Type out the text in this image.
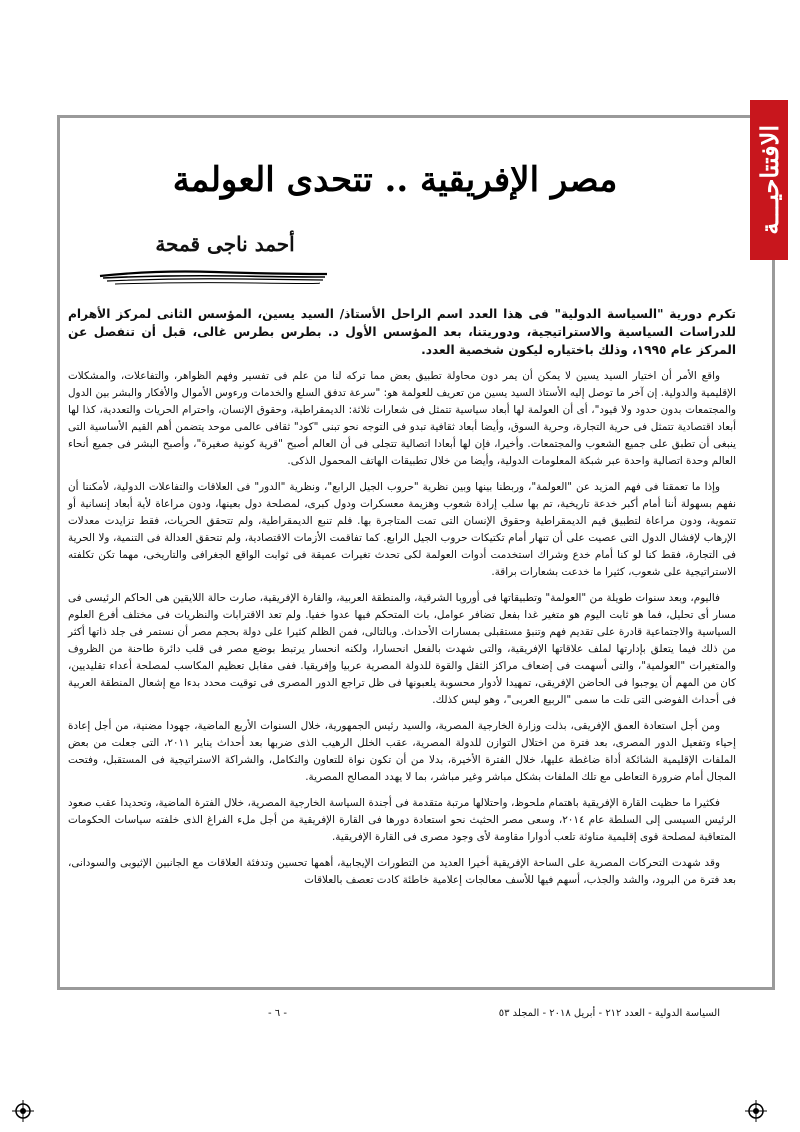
الافتتاحيـــة
مصر الإفريقية .. تتحدى العولمة
أحمد ناجى قمحة

تكرم دورية "السياسة الدولية" فى هذا العدد اسم الراحل الأستاذ/ السيد يسين، المؤسس الثانى لمركز الأهرام للدراسات السياسية والاستراتيجية، ودوريتنا، بعد المؤسس الأول د. بطرس بطرس غالى، قبل أن تنفصل عن المركز عام ١٩٩٥، وذلك باختياره ليكون شخصية العدد.

واقع الأمر أن اختيار السيد يسين لا يمكن أن يمر دون محاولة تطبيق بعض مما تركه لنا من علم فى تفسير وفهم الظواهر، والتفاعلات، والمشكلات الإقليمية والدولية. إن آخر ما توصل إليه الأستاذ السيد يسين من تعريف للعولمة هو: "سرعة تدفق السلع والخدمات ورءوس الأموال والأفكار والبشر بين الدول والمجتمعات بدون حدود ولا قيود"، أى أن العولمة لها أبعاد سياسية تتمثل فى شعارات ثلاثة: الديمقراطية، وحقوق الإنسان، واحترام الحريات والتعددية، كذا لها أبعاد اقتصادية تتمثل فى حرية التجارة، وحرية السوق، وأيضا أبعاد ثقافية تبدو فى التوجه نحو تبنى "كود" ثقافى عالمى موحد يتضمن أهم القيم الأساسية التى ينبغى أن تطبق على جميع الشعوب والمجتمعات. وأخيرا، فإن لها أبعادا اتصالية تتجلى فى أن العالم أصبح "قرية كونية صغيرة"، وأصبح البشر فى جميع أنحاء العالم وحدة اتصالية واحدة عبر شبكة المعلومات الدولية، وأيضا من خلال تطبيقات الهاتف المحمول الذكى.

وإذا ما تعمقنا فى فهم المزيد عن "العولمة"، وربطنا بينها وبين نظرية "حروب الجيل الرابع"، ونظرية "الدور" فى العلاقات والتفاعلات الدولية، لأمكننا أن نفهم بسهولة أننا أمام أكبر خدعة تاريخية، تم بها سلب إرادة شعوب وهزيمة معسكرات ودول كبرى، لمصلحة دول بعينها، ودون مراعاة لأية أبعاد إنسانية أو تنموية، ودون مراعاة لتطبيق قيم الديمقراطية وحقوق الإنسان التى تمت المتاجرة بها. فلم تنبع الديمقراطية، ولم تتحقق الحريات، فقط تزايدت معدلات الإرهاب لإفشال الدول التى عصيت على أن تنهار أمام تكتيكات حروب الجيل الرابع. كما تفاقمت الأزمات الاقتصادية، ولم تتحقق العدالة فى التنمية، ولا الحرية فى التجارة، فقط كنا لو كنا أمام خدع وشراك استخدمت أدوات العولمة لكى تحدث تغيرات عميقة فى ثوابت الواقع الجغرافى والتاريخى، مهما تكن تكلفته الاستراتيجية على شعوب، كثيرا ما خدعت بشعارات براقة.

فاليوم، وبعد سنوات طويلة من "العولمة" وتطبيقاتها فى أوروبا الشرقية، والمنطقة العربية، والقارة الإفريقية، صارت حالة اللايقين هى الحاكم الرئيسى فى مسار أى تحليل، فما هو ثابت اليوم هو متغير غدا بفعل تضافر عوامل، بات المتحكم فيها عدوا خفيا. ولم تعد الاقترابات والنظريات فى مختلف أفرع العلوم السياسية والاجتماعية قادرة على تقديم فهم وتنبؤ مستقبلى بمسارات الأحداث. وبالتالى، فمن الظلم كثيرا على دولة بحجم مصر أن نستمر فى جلد ذاتها أكثر من ذلك فيما يتعلق بإدارتها لملف علاقاتها الإفريقية، والتى شهدت بالفعل انحسارا، ولكنه انحسار يرتبط بوضع مصر فى قلب دائرة طاحنة من الظروف والمتغيرات "العولمية"، والتى أسهمت فى إضعاف مراكز الثقل والقوة للدولة المصرية عربيا وإفريقيا. ففى مقابل تعظيم المكاسب لمصلحة أعداء تقليديين، كان من المهم أن يوجبوا فى الحاضن الإفريقى، تمهيدا لأدوار محسوبة يلعبونها فى ظل تراجع الدور المصرى فى توقيت محدد بدءا مع إشعال المنطقة العربية فى أحداث الفوضى التى تلت ما سمى "الربيع العربى"، وهو ليس كذلك.

ومن أجل استعادة العمق الإفريقى، بذلت وزارة الخارجية المصرية، والسيد رئيس الجمهورية، خلال السنوات الأربع الماضية، جهودا مضنية، من أجل إعادة إحياء وتفعيل الدور المصرى، بعد فترة من اختلال التوازن للدولة المصرية، عقب الخلل الرهيب الذى ضربها بعد أحداث يناير ٢٠١١، التى جعلت من بعض الملفات الإقليمية الشائكة أداة ضاغطة عليها، خلال الفترة الأخيرة، بدلا من أن تكون نواة للتعاون والتكامل، والشراكة الاستراتيجية فى المستقبل، وفتحت المجال أمام ضرورة التعاطى مع تلك الملفات بشكل مباشر وغير مباشر، بما لا يهدد المصالح المصرية.

فكثيرا ما حظيت القارة الإفريقية باهتمام ملحوظ، واحتلالها مرتبة متقدمة فى أجندة السياسة الخارجية المصرية، خلال الفترة الماضية، وتحديدا عقب صعود الرئيس السيسى إلى السلطة عام ٢٠١٤، وسعى مصر الحثيث نحو استعادة دورها فى القارة الإفريقية من أجل ملء الفراغ الذى خلفته سياسات الحكومات المتعاقبة لمصلحة قوى إقليمية مناوئة تلعب أدوارا مقاومة لأى وجود مصرى فى القارة الإفريقية.

وقد شهدت التحركات المصرية على الساحة الإفريقية أخيرا العديد من التطورات الإيجابية، أهمها تحسين وتدفئة العلاقات مع الجانبين الإثيوبى والسودانى، بعد فترة من البرود، والشد والجذب، أسهم فيها للأسف معالجات إعلامية خاطئة كادت تعصف بالعلاقات

- ٦ -	السياسة الدولية - العدد ٢١٢ - أبريل ٢٠١٨ - المجلد ٥٣
